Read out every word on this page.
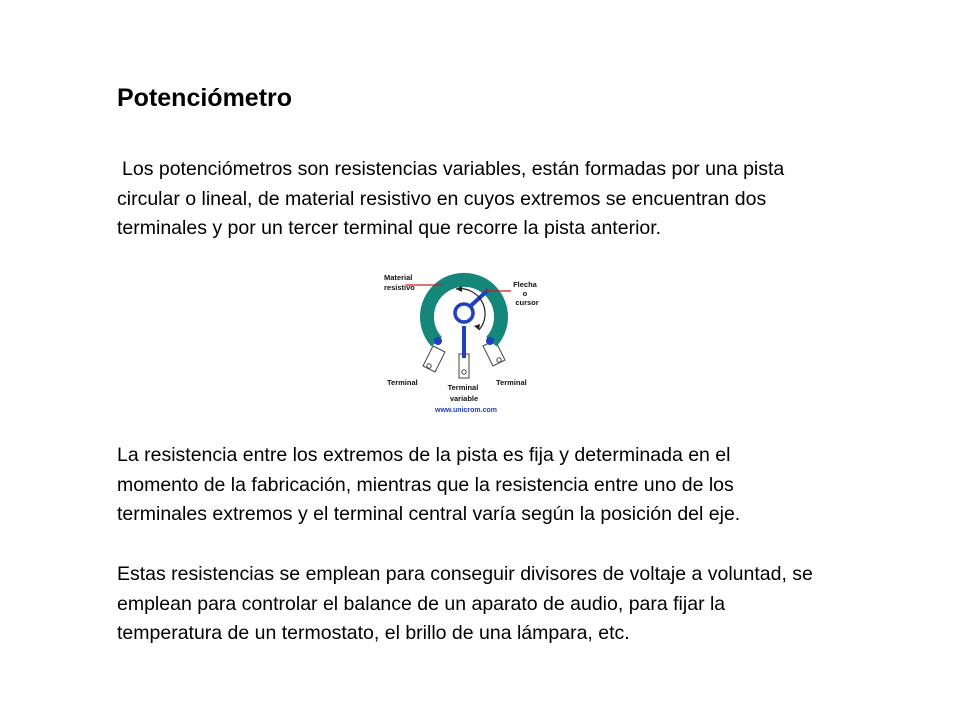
Potenciómetro

Los potenciómetros son resistencias variables, están formadas por una pista
circular o lineal, de material resistivo en cuyos extremos se encuentran dos
terminales y por un tercer terminal que recorre la pista anterior.

Material resistivo	Flecha o cursor
Terminal	Terminal
Terminal variable
www.unicrom.com

La resistencia entre los extremos de la pista es fija y determinada en el
momento de la fabricación, mientras que la resistencia entre uno de los
terminales extremos y el terminal central varía según la posición del eje.

Estas resistencias se emplean para conseguir divisores de voltaje a voluntad, se
emplean para controlar el balance de un aparato de audio, para fijar la
temperatura de un termostato, el brillo de una lámpara, etc.
